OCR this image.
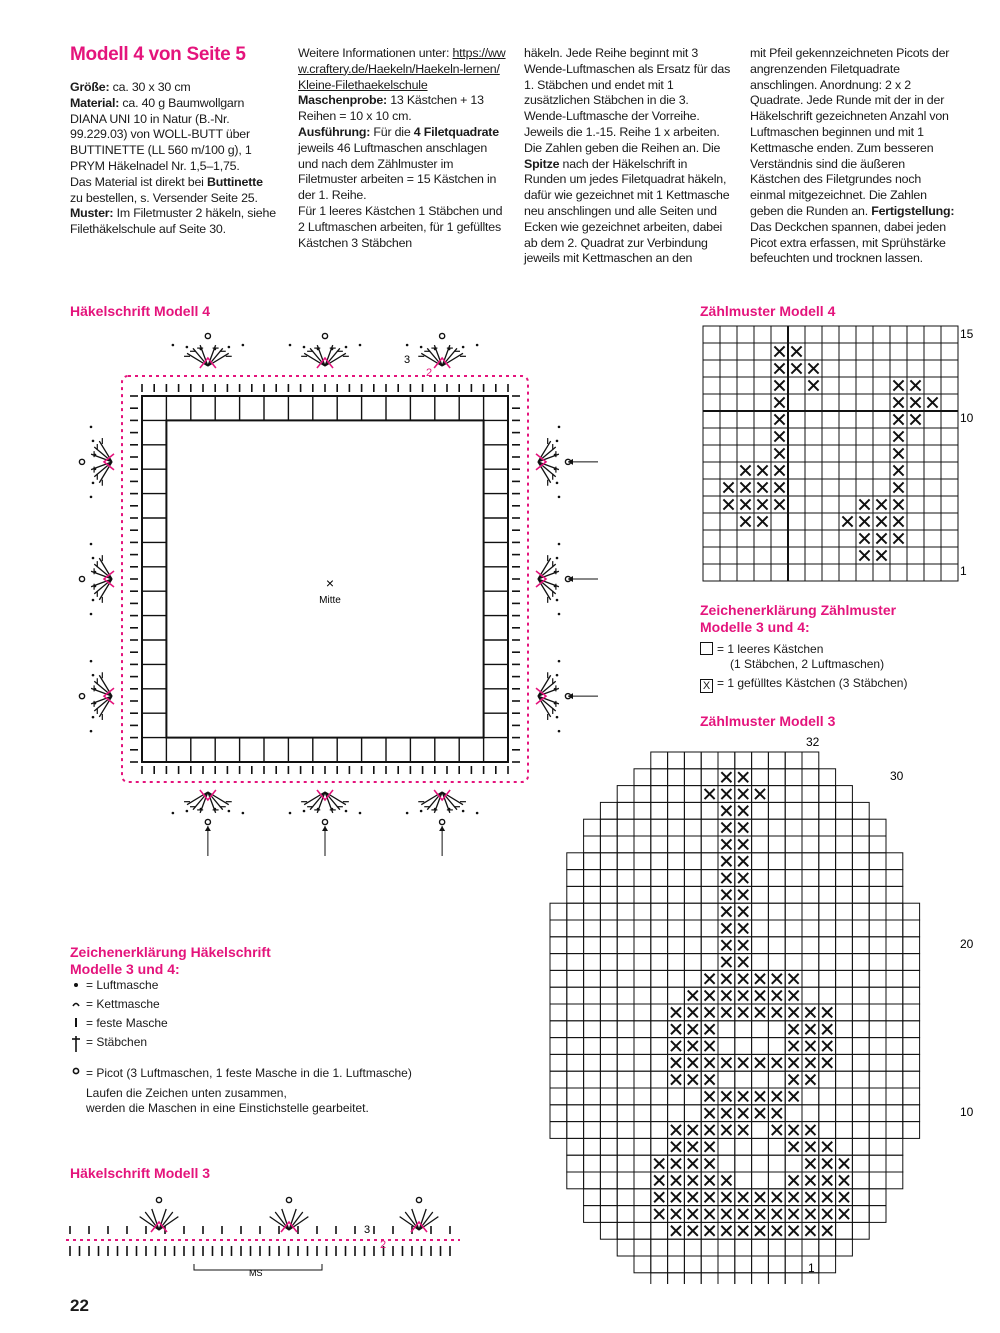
Modell 4 von Seite 5

Größe: ca. 30 x 30 cm

Material: ca. 40 g Baumwollgarn DIANA UNI 10 in Natur (B.-Nr. 99.229.03) von WOLL-BUTT über BUTTINETTE (LL 560 m/100 g), 1 PRYM Häkelnadel Nr. 1,5–1,75.

Das Material ist direkt bei Buttinette zu bestellen, s. Versender Seite 25.

Muster: Im Filetmuster 2 häkeln, siehe Filethäkelschule auf Seite 30.

Weitere Informationen unter: https://www.craftery.de/Haekeln/Haekeln-lernen/Kleine-Filethaekelschule

Maschenprobe: 13 Kästchen + 13 Reihen = 10 x 10 cm.

Ausführung: Für die 4 Filetquadrate jeweils 46 Luftmaschen anschlagen und nach dem Zählmuster im Filetmuster arbeiten = 15 Kästchen in der 1. Reihe.

Für 1 leeres Kästchen 1 Stäbchen und 2 Luftmaschen arbeiten, für 1 gefülltes Kästchen 3 Stäbchen

häkeln. Jede Reihe beginnt mit 3 Wende-Luftmaschen als Ersatz für das 1. Stäbchen und endet mit 1 zusätzlichen Stäbchen in die 3. Wende-Luftmasche der Vorreihe. Jeweils die 1.-15. Reihe 1 x arbeiten. Die Zahlen geben die Reihen an. Die Spitze nach der Häkelschrift in Runden um jedes Filetquadrat häkeln, dafür wie gezeichnet mit 1 Kettmasche neu anschlingen und alle Seiten und Ecken wie gezeichnet arbeiten, dabei ab dem 2. Quadrat zur Verbindung jeweils mit Kettmaschen an den

mit Pfeil gekennzeichneten Picots der angrenzenden Filetquadrate anschlingen. Anordnung: 2 x 2 Quadrate. Jede Runde mit der in der Häkelschrift gezeichneten Anzahl von Luftmaschen beginnen und mit 1 Kettmasche enden. Zum besseren Verständnis sind die äußeren Kästchen des Filetgrundes noch einmal mitgezeichnet. Die Zahlen geben die Runden an. Fertigstellung: Das Deckchen spannen, dabei jeden Picot extra erfassen, mit Sprühstärke befeuchten und trocknen lassen.

Häkelschrift Modell 4	Zählmuster Modell 4
Zeichenerklärung Zählmuster
Modelle 3 und 4:
Zählmuster Modell 3
Zeichenerklärung Häkelschrift
Modelle 3 und 4:
Häkelschrift Modell 3
= 1 leeres Kästchen
(1 Stäbchen, 2 Luftmaschen)
X = 1 gefülltes Kästchen (3 Stäbchen)
= Luftmasche
= Kettmasche
= feste Masche
= Stäbchen
= Picot (3 Luftmaschen, 1 feste Masche in die 1. Luftmasche)
Laufen die Zeichen unten zusammen,
werden die Maschen in eine Einstichstelle gearbeitet.
×
Mitte
3
2
15
10
1
32
30
20
10
1
3
2
MS
22
